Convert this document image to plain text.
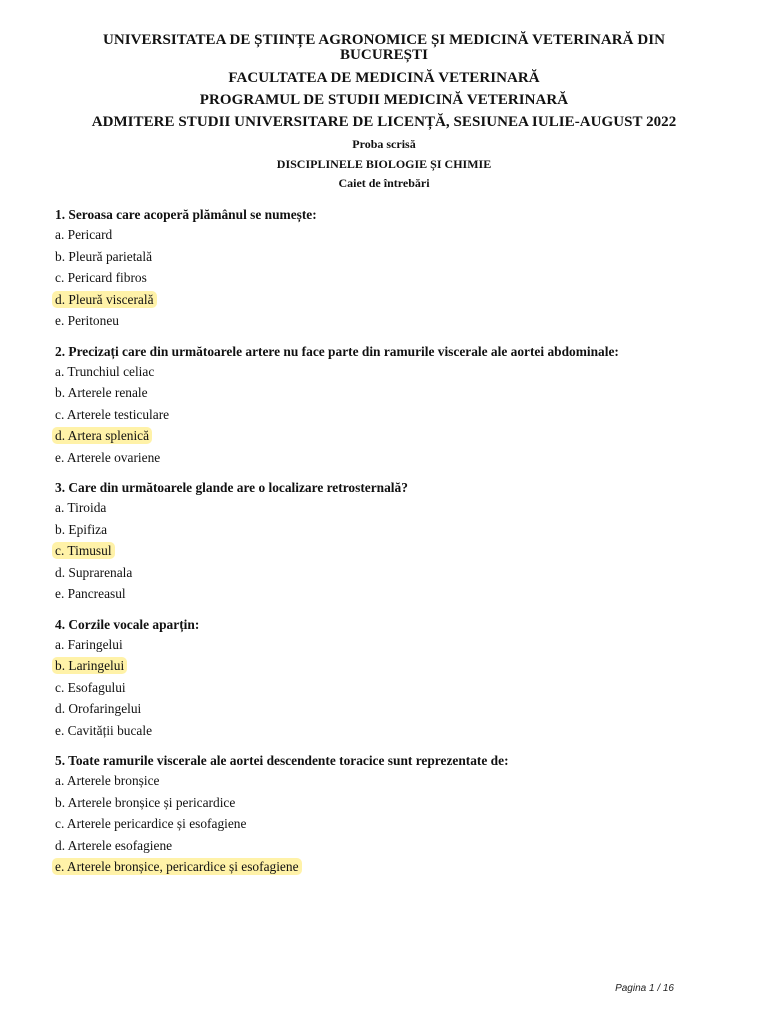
UNIVERSITATEA DE ȘTIINȚE AGRONOMICE ȘI MEDICINĂ VETERINARĂ DIN
BUCUREȘTI
FACULTATEA DE MEDICINĂ VETERINARĂ
PROGRAMUL DE STUDII MEDICINĂ VETERINARĂ
ADMITERE STUDII UNIVERSITARE DE LICENȚĂ, SESIUNEA IULIE-AUGUST 2022
Proba scrisă
DISCIPLINELE BIOLOGIE ȘI CHIMIE
Caiet de întrebări
1. Seroasa care acoperă plămânul se numește:
a. Pericard
b. Pleură parietală
c. Pericard fibros
d. Pleură viscerală
e. Peritoneu
2. Precizați care din următoarele artere nu face parte din ramurile viscerale ale aortei abdominale:
a. Trunchiul celiac
b. Arterele renale
c. Arterele testiculare
d. Artera splenică
e. Arterele ovariene
3. Care din următoarele glande are o localizare retrosternală?
a. Tiroida
b. Epifiza
c. Timusul
d. Suprarenala
e. Pancreasul
4. Corzile vocale aparțin:
a. Faringelui
b. Laringelui
c. Esofagului
d. Orofaringelui
e. Cavității bucale
5. Toate ramurile viscerale ale aortei descendente toracice sunt reprezentate de:
a. Arterele bronșice
b. Arterele bronșice și pericardice
c. Arterele pericardice și esofagiene
d. Arterele esofagiene
e. Arterele bronșice, pericardice și esofagiene
Pagina 1 / 16
